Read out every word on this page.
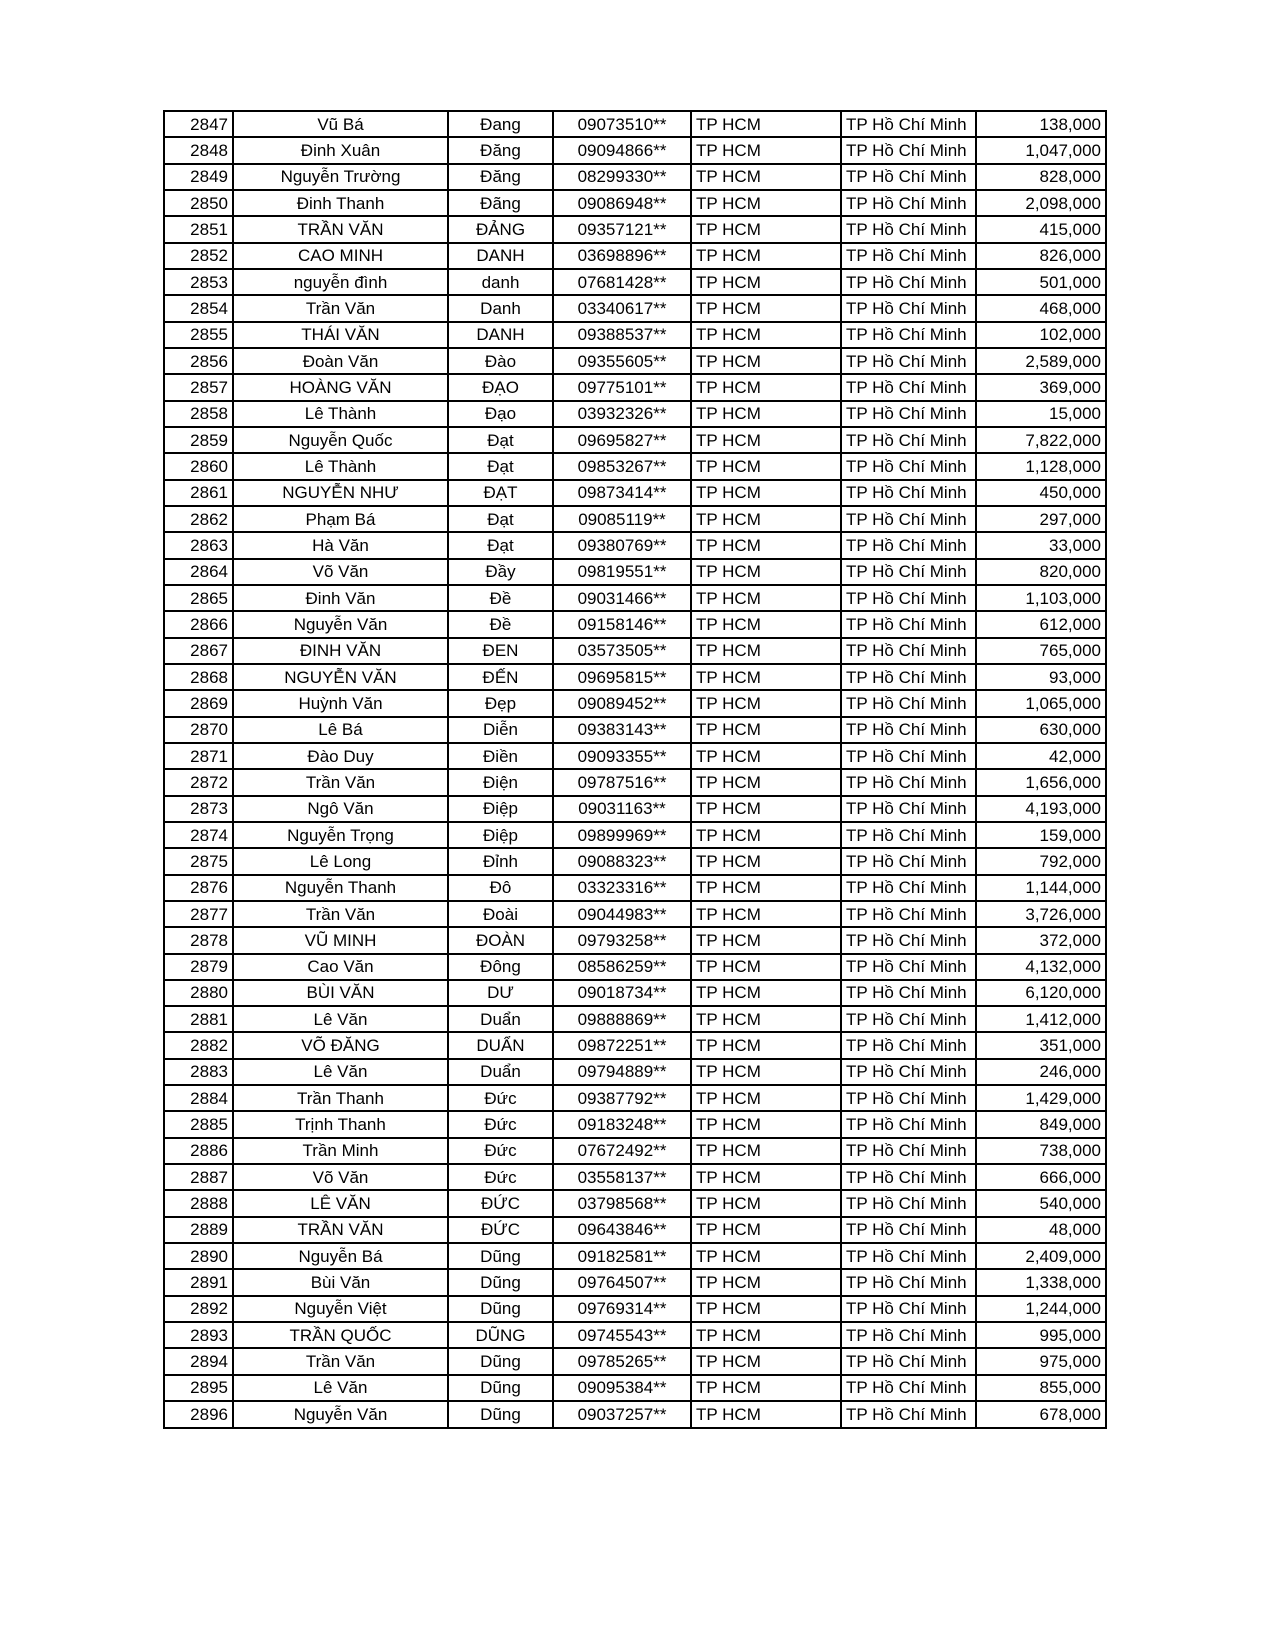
2847	Vũ Bá	Đang	09073510**	TP HCM	TP Hồ Chí Minh	138,000
2848	Đinh Xuân	Đăng	09094866**	TP HCM	TP Hồ Chí Minh	1,047,000
2849	Nguyễn Trường	Đăng	08299330**	TP HCM	TP Hồ Chí Minh	828,000
2850	Đinh Thanh	Đãng	09086948**	TP HCM	TP Hồ Chí Minh	2,098,000
2851	TRẦN VĂN	ĐẢNG	09357121**	TP HCM	TP Hồ Chí Minh	415,000
2852	CAO MINH	DANH	03698896**	TP HCM	TP Hồ Chí Minh	826,000
2853	nguyễn đình	danh	07681428**	TP HCM	TP Hồ Chí Minh	501,000
2854	Trần Văn	Danh	03340617**	TP HCM	TP Hồ Chí Minh	468,000
2855	THÁI VĂN	DANH	09388537**	TP HCM	TP Hồ Chí Minh	102,000
2856	Đoàn Văn	Đào	09355605**	TP HCM	TP Hồ Chí Minh	2,589,000
2857	HOÀNG VĂN	ĐẠO	09775101**	TP HCM	TP Hồ Chí Minh	369,000
2858	Lê Thành	Đạo	03932326**	TP HCM	TP Hồ Chí Minh	15,000
2859	Nguyễn Quốc	Đạt	09695827**	TP HCM	TP Hồ Chí Minh	7,822,000
2860	Lê Thành	Đạt	09853267**	TP HCM	TP Hồ Chí Minh	1,128,000
2861	NGUYỄN NHƯ	ĐẠT	09873414**	TP HCM	TP Hồ Chí Minh	450,000
2862	Phạm Bá	Đạt	09085119**	TP HCM	TP Hồ Chí Minh	297,000
2863	Hà Văn	Đạt	09380769**	TP HCM	TP Hồ Chí Minh	33,000
2864	Võ Văn	Đầy	09819551**	TP HCM	TP Hồ Chí Minh	820,000
2865	Đinh Văn	Đề	09031466**	TP HCM	TP Hồ Chí Minh	1,103,000
2866	Nguyễn Văn	Đề	09158146**	TP HCM	TP Hồ Chí Minh	612,000
2867	ĐINH VĂN	ĐEN	03573505**	TP HCM	TP Hồ Chí Minh	765,000
2868	NGUYỄN VĂN	ĐẾN	09695815**	TP HCM	TP Hồ Chí Minh	93,000
2869	Huỳnh Văn	Đẹp	09089452**	TP HCM	TP Hồ Chí Minh	1,065,000
2870	Lê Bá	Diễn	09383143**	TP HCM	TP Hồ Chí Minh	630,000
2871	Đào Duy	Điền	09093355**	TP HCM	TP Hồ Chí Minh	42,000
2872	Trần Văn	Điện	09787516**	TP HCM	TP Hồ Chí Minh	1,656,000
2873	Ngô Văn	Điệp	09031163**	TP HCM	TP Hồ Chí Minh	4,193,000
2874	Nguyễn Trọng	Điệp	09899969**	TP HCM	TP Hồ Chí Minh	159,000
2875	Lê Long	Đỉnh	09088323**	TP HCM	TP Hồ Chí Minh	792,000
2876	Nguyễn Thanh	Đô	03323316**	TP HCM	TP Hồ Chí Minh	1,144,000
2877	Trần Văn	Đoài	09044983**	TP HCM	TP Hồ Chí Minh	3,726,000
2878	VŨ MINH	ĐOÀN	09793258**	TP HCM	TP Hồ Chí Minh	372,000
2879	Cao Văn	Đông	08586259**	TP HCM	TP Hồ Chí Minh	4,132,000
2880	BÙI VĂN	DƯ	09018734**	TP HCM	TP Hồ Chí Minh	6,120,000
2881	Lê Văn	Duẩn	09888869**	TP HCM	TP Hồ Chí Minh	1,412,000
2882	VÕ ĐĂNG	DUẨN	09872251**	TP HCM	TP Hồ Chí Minh	351,000
2883	Lê Văn	Duẩn	09794889**	TP HCM	TP Hồ Chí Minh	246,000
2884	Trần Thanh	Đức	09387792**	TP HCM	TP Hồ Chí Minh	1,429,000
2885	Trịnh Thanh	Đức	09183248**	TP HCM	TP Hồ Chí Minh	849,000
2886	Trần Minh	Đức	07672492**	TP HCM	TP Hồ Chí Minh	738,000
2887	Võ Văn	Đức	03558137**	TP HCM	TP Hồ Chí Minh	666,000
2888	LÊ VĂN	ĐỨC	03798568**	TP HCM	TP Hồ Chí Minh	540,000
2889	TRẦN VĂN	ĐỨC	09643846**	TP HCM	TP Hồ Chí Minh	48,000
2890	Nguyễn Bá	Dũng	09182581**	TP HCM	TP Hồ Chí Minh	2,409,000
2891	Bùi Văn	Dũng	09764507**	TP HCM	TP Hồ Chí Minh	1,338,000
2892	Nguyễn Việt	Dũng	09769314**	TP HCM	TP Hồ Chí Minh	1,244,000
2893	TRẦN QUỐC	DŨNG	09745543**	TP HCM	TP Hồ Chí Minh	995,000
2894	Trần Văn	Dũng	09785265**	TP HCM	TP Hồ Chí Minh	975,000
2895	Lê Văn	Dũng	09095384**	TP HCM	TP Hồ Chí Minh	855,000
2896	Nguyễn Văn	Dũng	09037257**	TP HCM	TP Hồ Chí Minh	678,000
